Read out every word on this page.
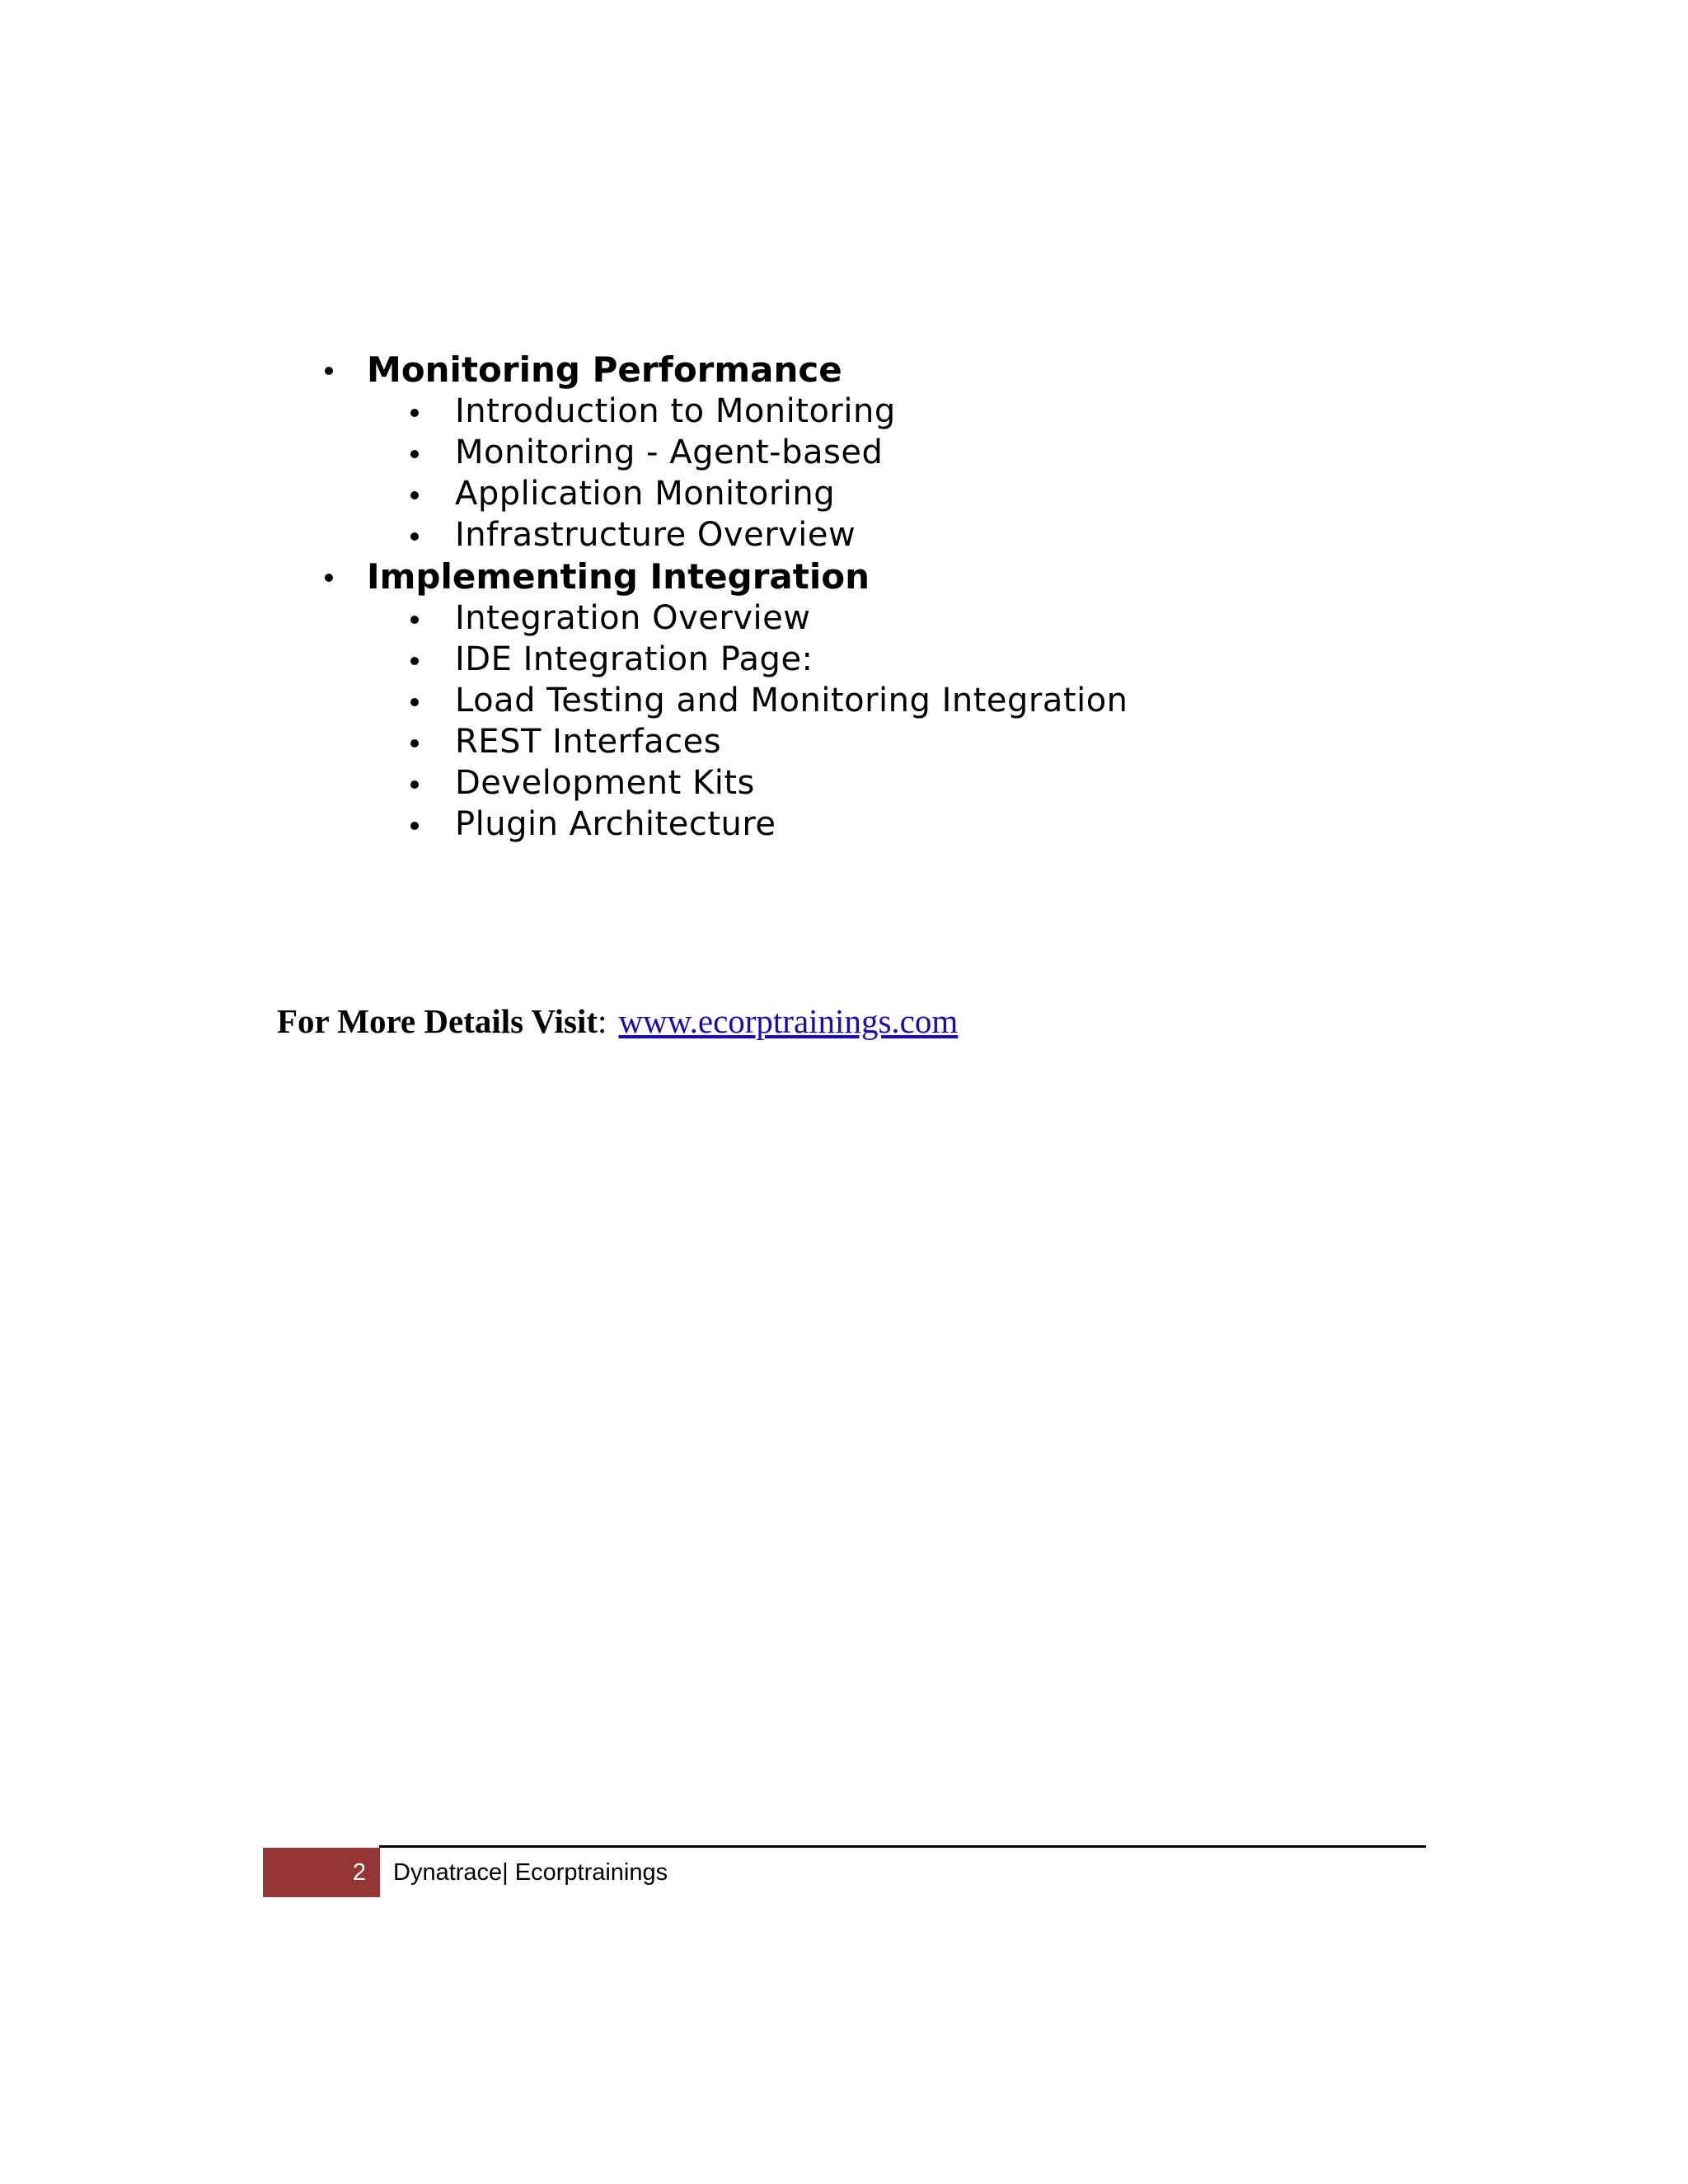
Monitoring Performance
Introduction to Monitoring
Monitoring - Agent-based
Application Monitoring
Infrastructure Overview
Implementing Integration
Integration Overview
IDE Integration Page:
Load Testing and Monitoring Integration
REST Interfaces
Development Kits
Plugin Architecture
For More Details Visit: www.ecorptrainings.com
2	Dynatrace| Ecorptrainings
